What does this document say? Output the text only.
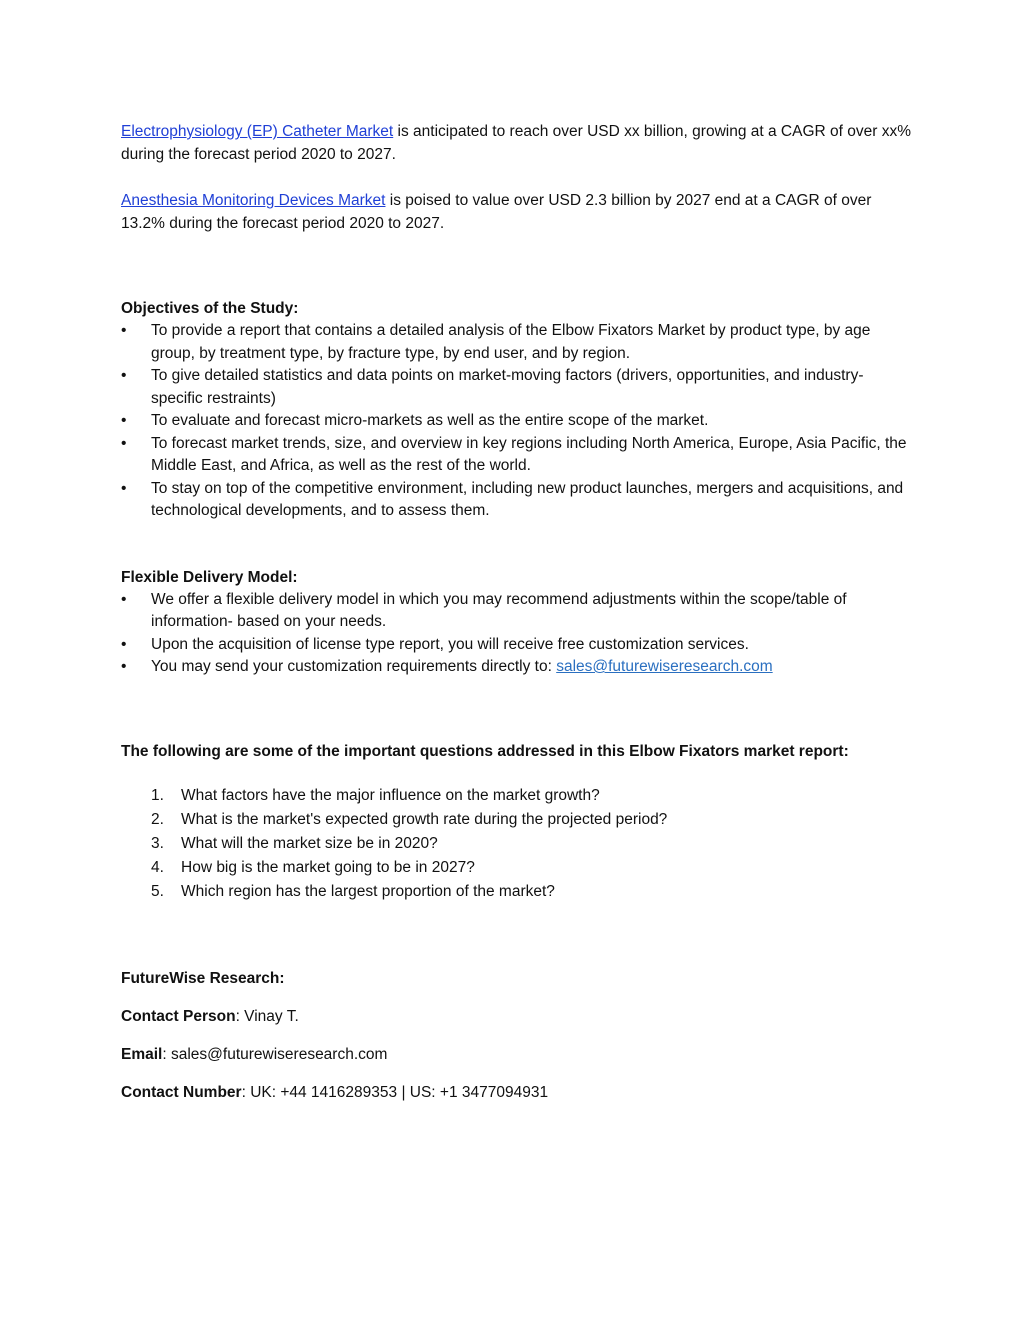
Electrophysiology (EP) Catheter Market is anticipated to reach over USD xx billion, growing at a CAGR of over xx% during the forecast period 2020 to 2027.

Anesthesia Monitoring Devices Market is poised to value over USD 2.3 billion by 2027 end at a CAGR of over 13.2% during the forecast period 2020 to 2027.

Objectives of the Study:
•	To provide a report that contains a detailed analysis of the Elbow Fixators Market by product type, by age group, by treatment type, by fracture type, by end user, and by region.
•	To give detailed statistics and data points on market-moving factors (drivers, opportunities, and industry-specific restraints)
•	To evaluate and forecast micro-markets as well as the entire scope of the market.
•	To forecast market trends, size, and overview in key regions including North America, Europe, Asia Pacific, the Middle East, and Africa, as well as the rest of the world.
•	To stay on top of the competitive environment, including new product launches, mergers and acquisitions, and technological developments, and to assess them.
Flexible Delivery Model:
•	We offer a flexible delivery model in which you may recommend adjustments within the scope/table of information- based on your needs.
•	Upon the acquisition of license type report, you will receive free customization services.
•	You may send your customization requirements directly to: sales@futurewiseresearch.com
The following are some of the important questions addressed in this Elbow Fixators market report:
1. What factors have the major influence on the market growth?
2. What is the market's expected growth rate during the projected period?
3. What will the market size be in 2020?
4. How big is the market going to be in 2027?
5. Which region has the largest proportion of the market?
FutureWise Research:

Contact Person: Vinay T.

Email: sales@futurewiseresearch.com

Contact Number: UK: +44 1416289353 | US: +1 3477094931
